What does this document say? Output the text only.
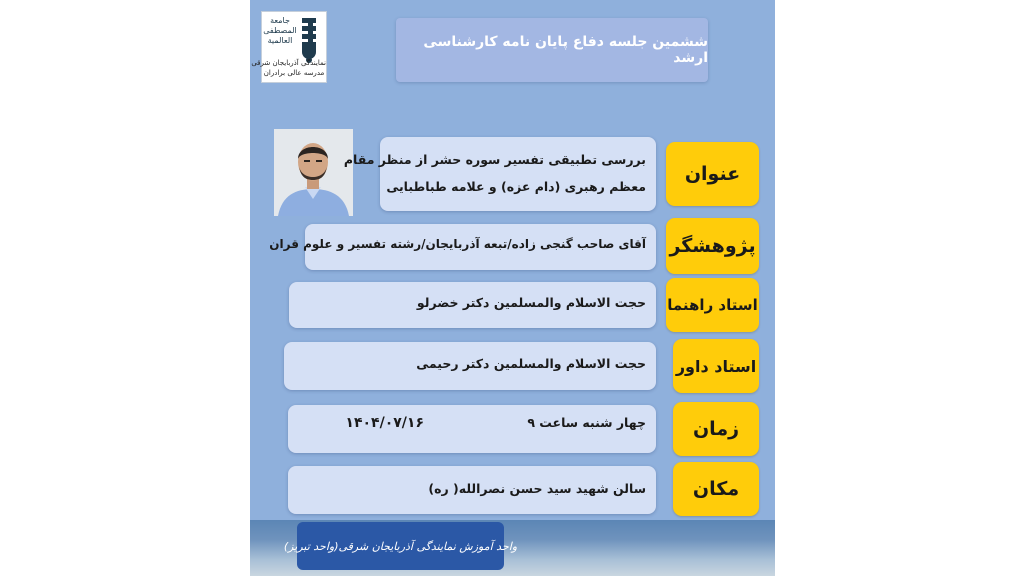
جامعة
المصطفى
العالمية
نمایندگی آذربایجان شرقی
مدرسه عالی برادران
ششمین جلسه دفاع پایان نامه کارشناسی ارشد
بررسی تطبیقی تفسیر سوره حشر از منظر مقام
معظم رهبری (دام عزه) و علامه طباطبایی
عنوان
آقای صاحب گنجی زاده/تبعه آذربایجان/رشته تفسیر و علوم قران پژوهشگر
حجت الاسلام والمسلمین دکتر خضرلو استاد راهنما
حجت الاسلام والمسلمین دکتر رحیمی استاد داور
چهار شنبه ساعت ۹
۱۴۰۴/۰۷/۱۶	زمان
سالن شهید سید حسن نصرالله( ره)	مکان
واحد آموزش نمایندگی آذربایجان شرقی(واحد تبریز)
